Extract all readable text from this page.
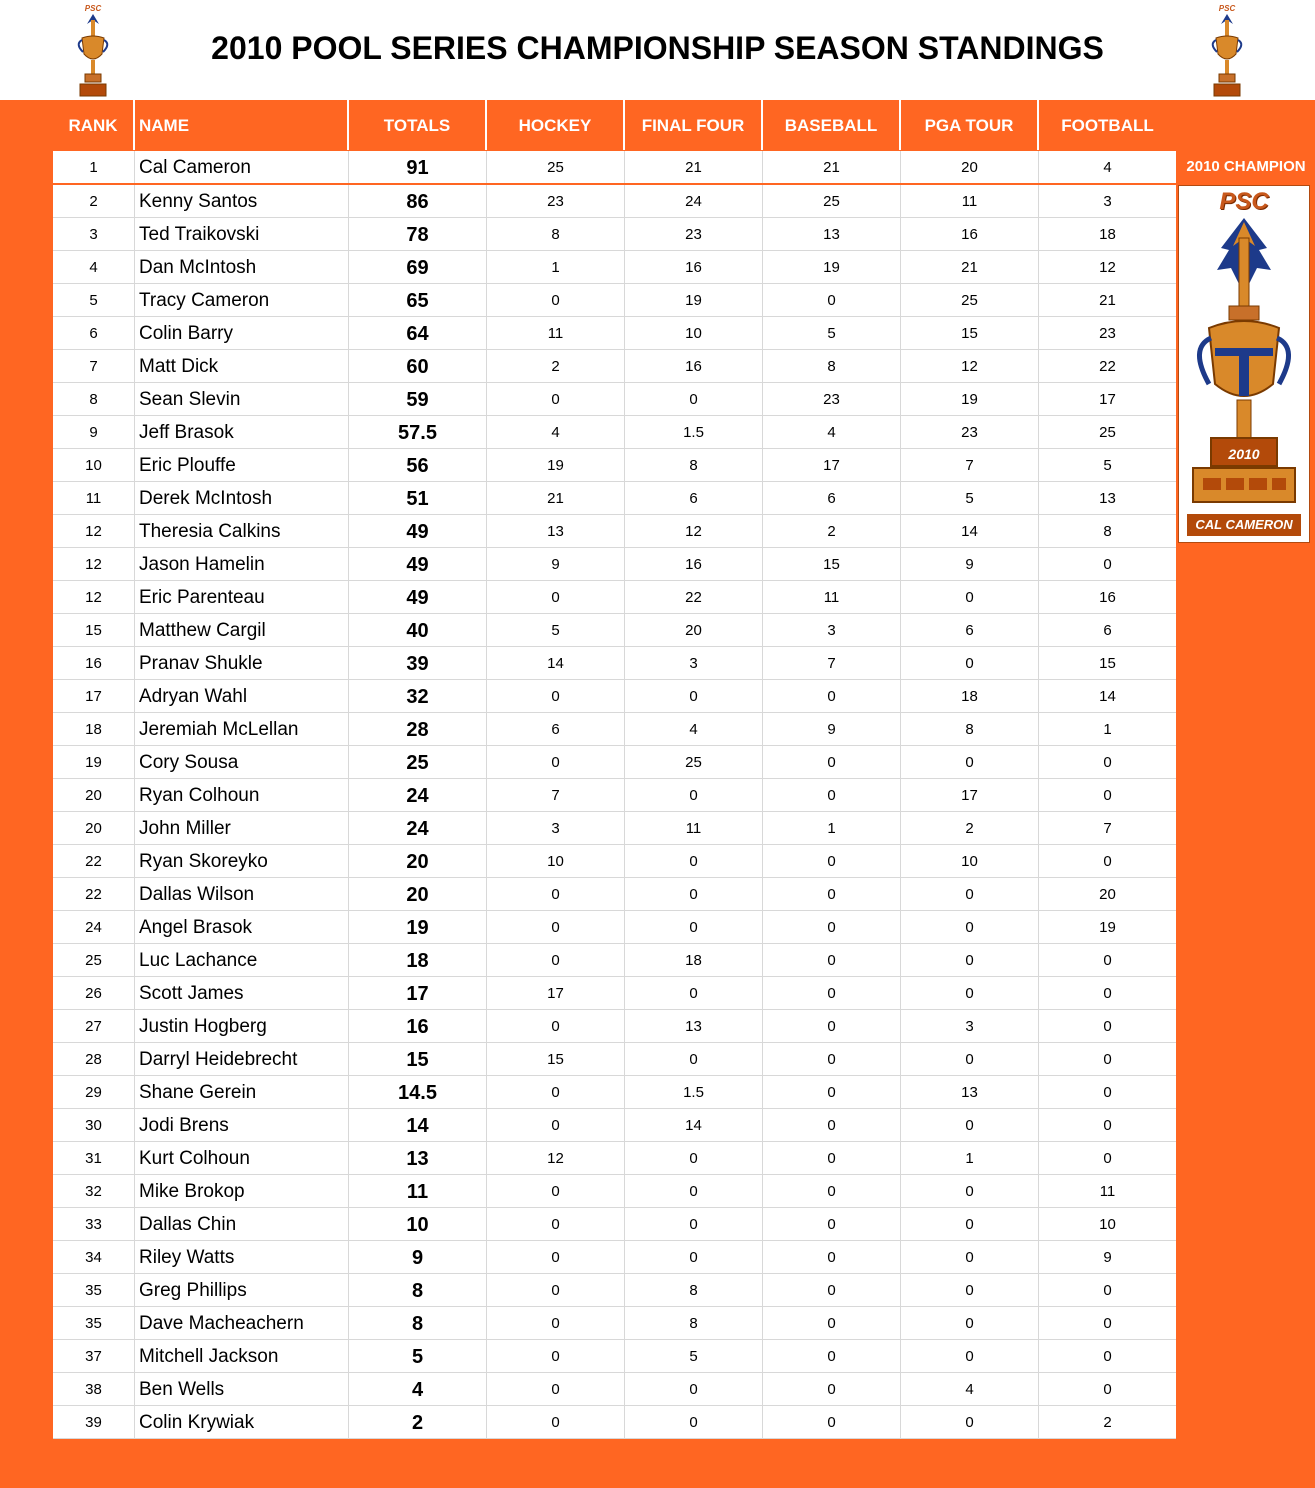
PSC
2010 POOL SERIES CHAMPIONSHIP SEASON STANDINGS
PSC
RANK	NAME	TOTALS	HOCKEY	FINAL FOUR	BASEBALL	PGA TOUR	FOOTBALL
1	Cal Cameron	91	25	21	21	20	4
2	Kenny Santos	86	23	24	25	11	3
3	Ted Traikovski	78	8	23	13	16	18
4	Dan McIntosh	69	1	16	19	21	12
5	Tracy Cameron	65	0	19	0	25	21
6	Colin Barry	64	11	10	5	15	23
7	Matt Dick	60	2	16	8	12	22
8	Sean Slevin	59	0	0	23	19	17
9	Jeff Brasok	57.5	4	1.5	4	23	25
10	Eric Plouffe	56	19	8	17	7	5
11	Derek McIntosh	51	21	6	6	5	13
12	Theresia Calkins	49	13	12	2	14	8
12	Jason Hamelin	49	9	16	15	9	0
12	Eric Parenteau	49	0	22	11	0	16
15	Matthew Cargil	40	5	20	3	6	6
16	Pranav Shukle	39	14	3	7	0	15
17	Adryan Wahl	32	0	0	0	18	14
18	Jeremiah McLellan	28	6	4	9	8	1
19	Cory Sousa	25	0	25	0	0	0
20	Ryan Colhoun	24	7	0	0	17	0
20	John Miller	24	3	11	1	2	7
22	Ryan Skoreyko	20	10	0	0	10	0
22	Dallas Wilson	20	0	0	0	0	20
24	Angel Brasok	19	0	0	0	0	19
25	Luc Lachance	18	0	18	0	0	0
26	Scott James	17	17	0	0	0	0
27	Justin Hogberg	16	0	13	0	3	0
28	Darryl Heidebrecht	15	15	0	0	0	0
29	Shane Gerein	14.5	0	1.5	0	13	0
30	Jodi Brens	14	0	14	0	0	0
31	Kurt Colhoun	13	12	0	0	1	0
32	Mike Brokop	11	0	0	0	0	11
33	Dallas Chin	10	0	0	0	0	10
34	Riley Watts	9	0	0	0	0	9
35	Greg Phillips	8	0	8	0	0	0
35	Dave Macheachern	8	0	8	0	0	0
37	Mitchell Jackson	5	0	5	0	0	0
38	Ben Wells	4	0	0	0	4	0
39	Colin Krywiak	2	0	0	0	0	2
2010 CHAMPION
PSC
2010
CAL CAMERON
